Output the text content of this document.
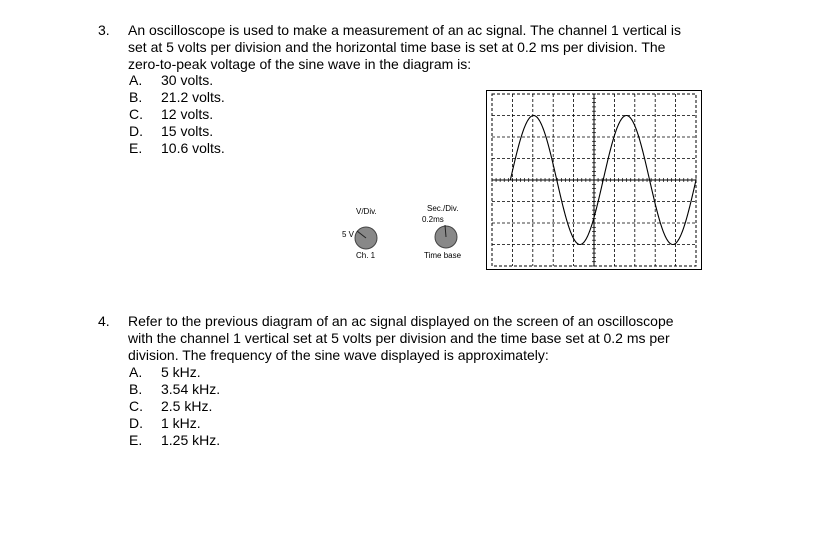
3. An oscilloscope is used to make a measurement of an ac signal. The channel 1 vertical is
set at 5 volts per division and the horizontal time base is set at 0.2 ms per division. The
zero-to-peak voltage of the sine wave in the diagram is:
A. 30 volts.
B. 21.2 volts.
C. 12 volts.
D. 15 volts.
E. 10.6 volts.
V/Div.
5 V
Ch. 1
Sec./Div.
0.2ms
Time base
4. Refer to the previous diagram of an ac signal displayed on the screen of an oscilloscope
with the channel 1 vertical set at 5 volts per division and the time base set at 0.2 ms per
division. The frequency of the sine wave displayed is approximately:
A. 5 kHz.
B. 3.54 kHz.
C. 2.5 kHz.
D. 1 kHz.
E. 1.25 kHz.
